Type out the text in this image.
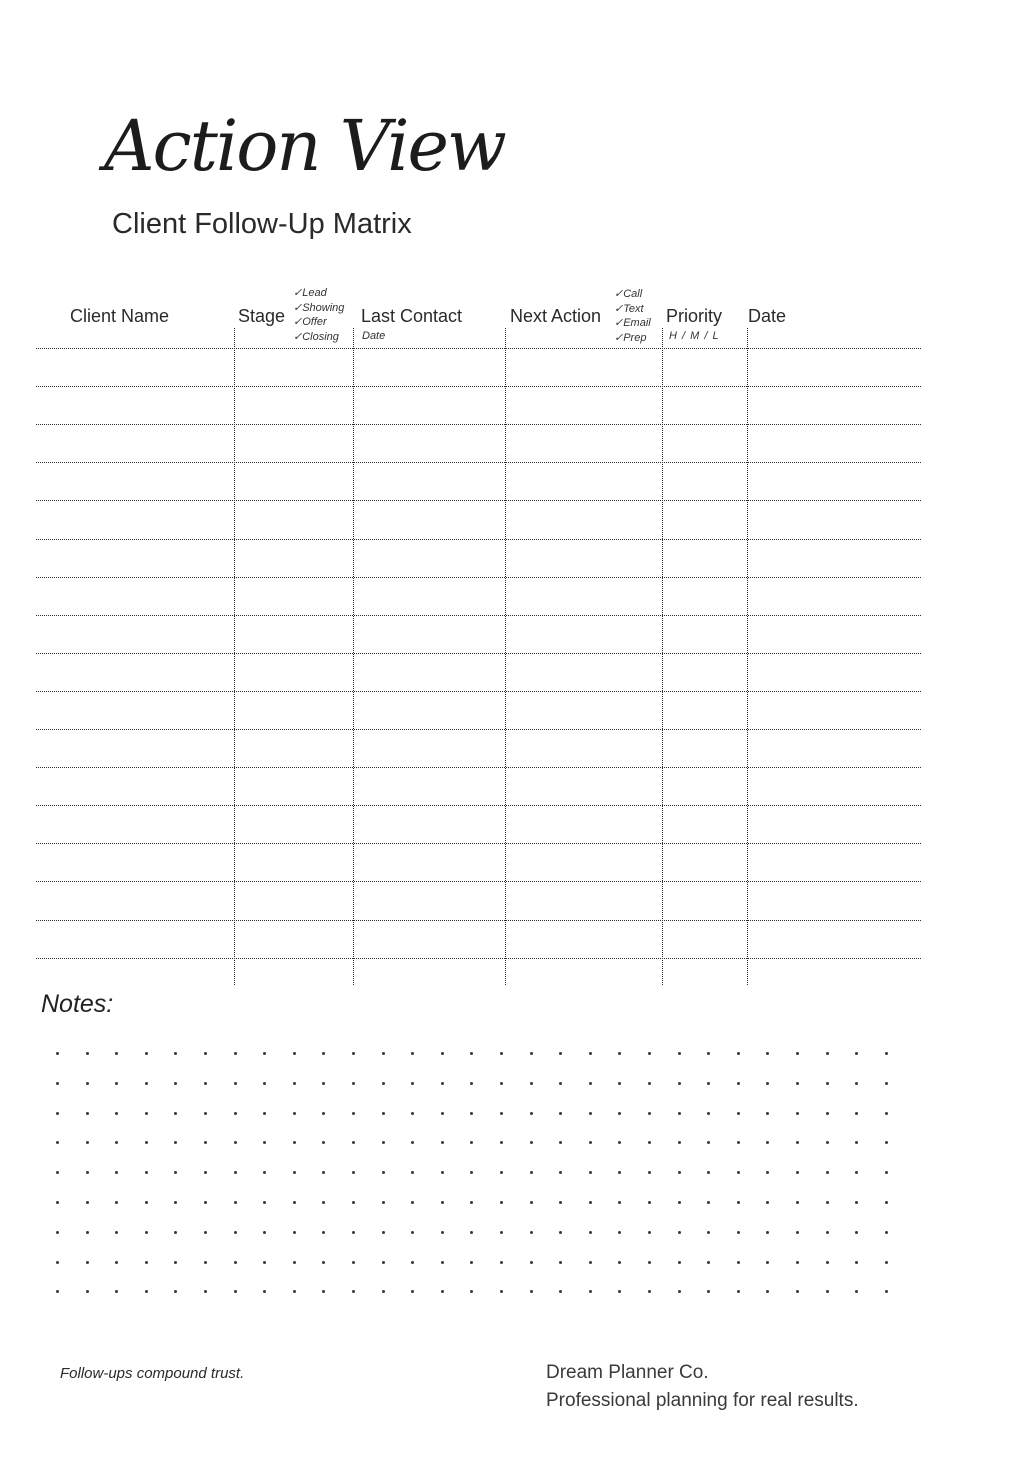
Action View
Client Follow-Up Matrix
Client Name	Stage
✓Lead
✓Showing
✓Offer
✓Closing
Last Contact
Date
Next Action
✓Call
✓Text
✓Email
✓Prep
Priority
H / M / L
Date
Notes:
Follow-ups compound trust.	Dream Planner Co.
Professional planning for real results.
